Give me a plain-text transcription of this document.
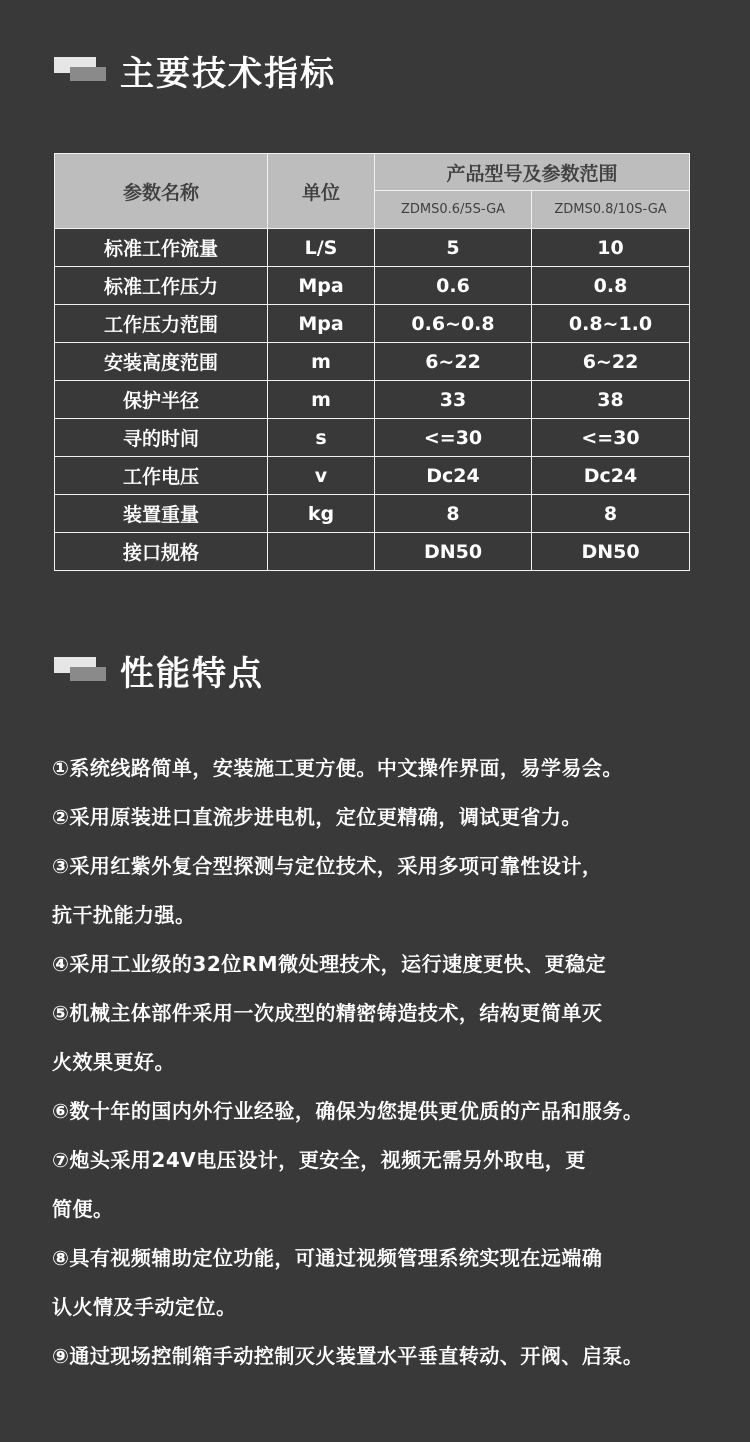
主要技术指标
参数名称	单位	产品型号及参数范围	
		ZDMS0.6/5S-GA	ZDMS0.8/10S-GA
标准工作流量	L/S	5	10
标准工作压力	Mpa	0.6	0.8
工作压力范围	Mpa	0.6~0.8	0.8~1.0
安装高度范围	m	6~22	6~22
保护半径	m	33	38
寻的时间	s	<=30	<=30
工作电压	v	Dc24	Dc24
装置重量	kg	8	8
接口规格		DN50	DN50
性能特点

①系统线路简单，安装施工更方便。中文操作界面，易学易会。

②采用原装进口直流步进电机，定位更精确，调试更省力。

③采用红紫外复合型探测与定位技术，采用多项可靠性设计，

抗干扰能力强。

④采用工业级的32位RM微处理技术，运行速度更快、更稳定

⑤机械主体部件采用一次成型的精密铸造技术，结构更简单灭

火效果更好。

⑥数十年的国内外行业经验，确保为您提供更优质的产品和服务。

⑦炮头采用24V电压设计，更安全，视频无需另外取电，更

简便。

⑧具有视频辅助定位功能，可通过视频管理系统实现在远端确

认火情及手动定位。

⑨通过现场控制箱手动控制灭火装置水平垂直转动、开阀、启泵。
